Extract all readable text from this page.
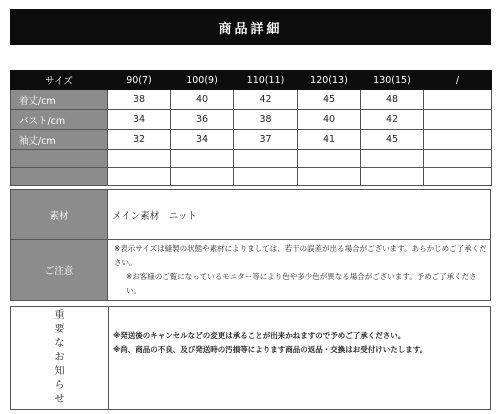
商品詳細
サイズ	90(7)	100(9)	110(11)	120(13)	130(15)	/
着丈/cm	38	40	42	45	48	
バスト/cm	34	36	38	40	42	
袖丈/cm	32	34	37	41	45	

素材	メイン素材　ニット
ご注意	※表示サイズは縫製の状態や素材によりましては、若干の誤差が出る場合がございます。あらかじめご了承ください。
※お客様のご覧になっているモニター等により色や多少色が異なる場合がございます。予めご了承ください。
重
要
な
お
知
ら
せ
※発送後のキャンセルなどの変更は承ることが出来かねますので予めご了承ください。
※尚、商品の不良、及び発送時の汚損等によります商品の返品・交換はお受付けいたします。
